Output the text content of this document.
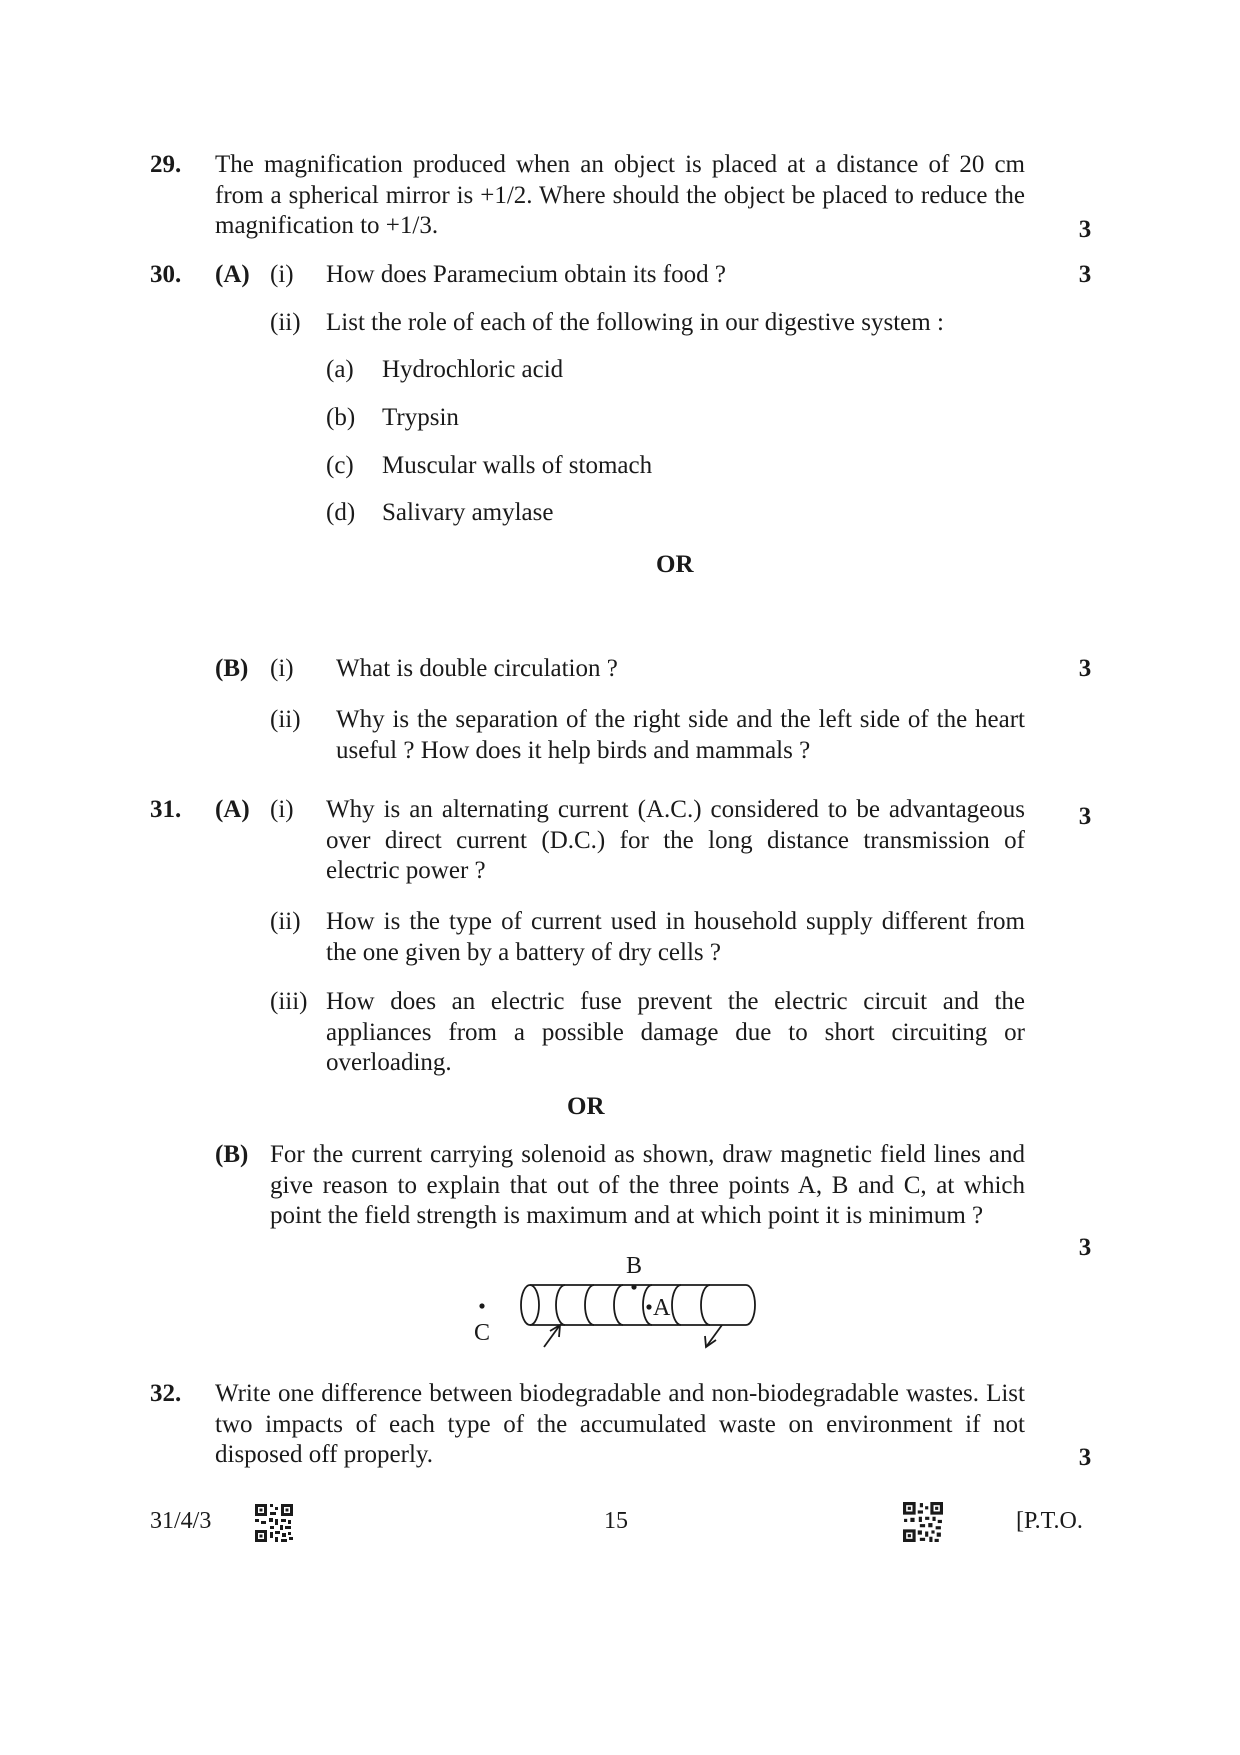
29. The magnification produced when an object is placed at a distance of 20 cm from a spherical mirror is +1/2. Where should the object be placed to reduce the magnification to +1/3.	3
30. (A) (i) How does Paramecium obtain its food ?	3
(ii) List the role of each of the following in our digestive system :
(a) Hydrochloric acid
(b) Trypsin
(c) Muscular walls of stomach
(d) Salivary amylase
OR
(B) (i) What is double circulation ?	3
(ii) Why is the separation of the right side and the left side of the heart useful ? How does it help birds and mammals ?
31. (A) (i) Why is an alternating current (A.C.) considered to be advantageous over direct current (D.C.) for the long distance transmission of electric power ?
3
(ii) How is the type of current used in household supply different from the one given by a battery of dry cells ?
(iii) How does an electric fuse prevent the electric circuit and the appliances from a possible damage due to short circuiting or overloading.
OR
(B) For the current carrying solenoid as shown, draw magnetic field lines and give reason to explain that out of the three points A, B and C, at which point the field strength is maximum and at which point it is minimum ?
3
B
C
A
32. Write one difference between biodegradable and non-biodegradable wastes. List two impacts of each type of the accumulated waste on environment if not disposed off properly.	3
31/4/3	15	[P.T.O.
